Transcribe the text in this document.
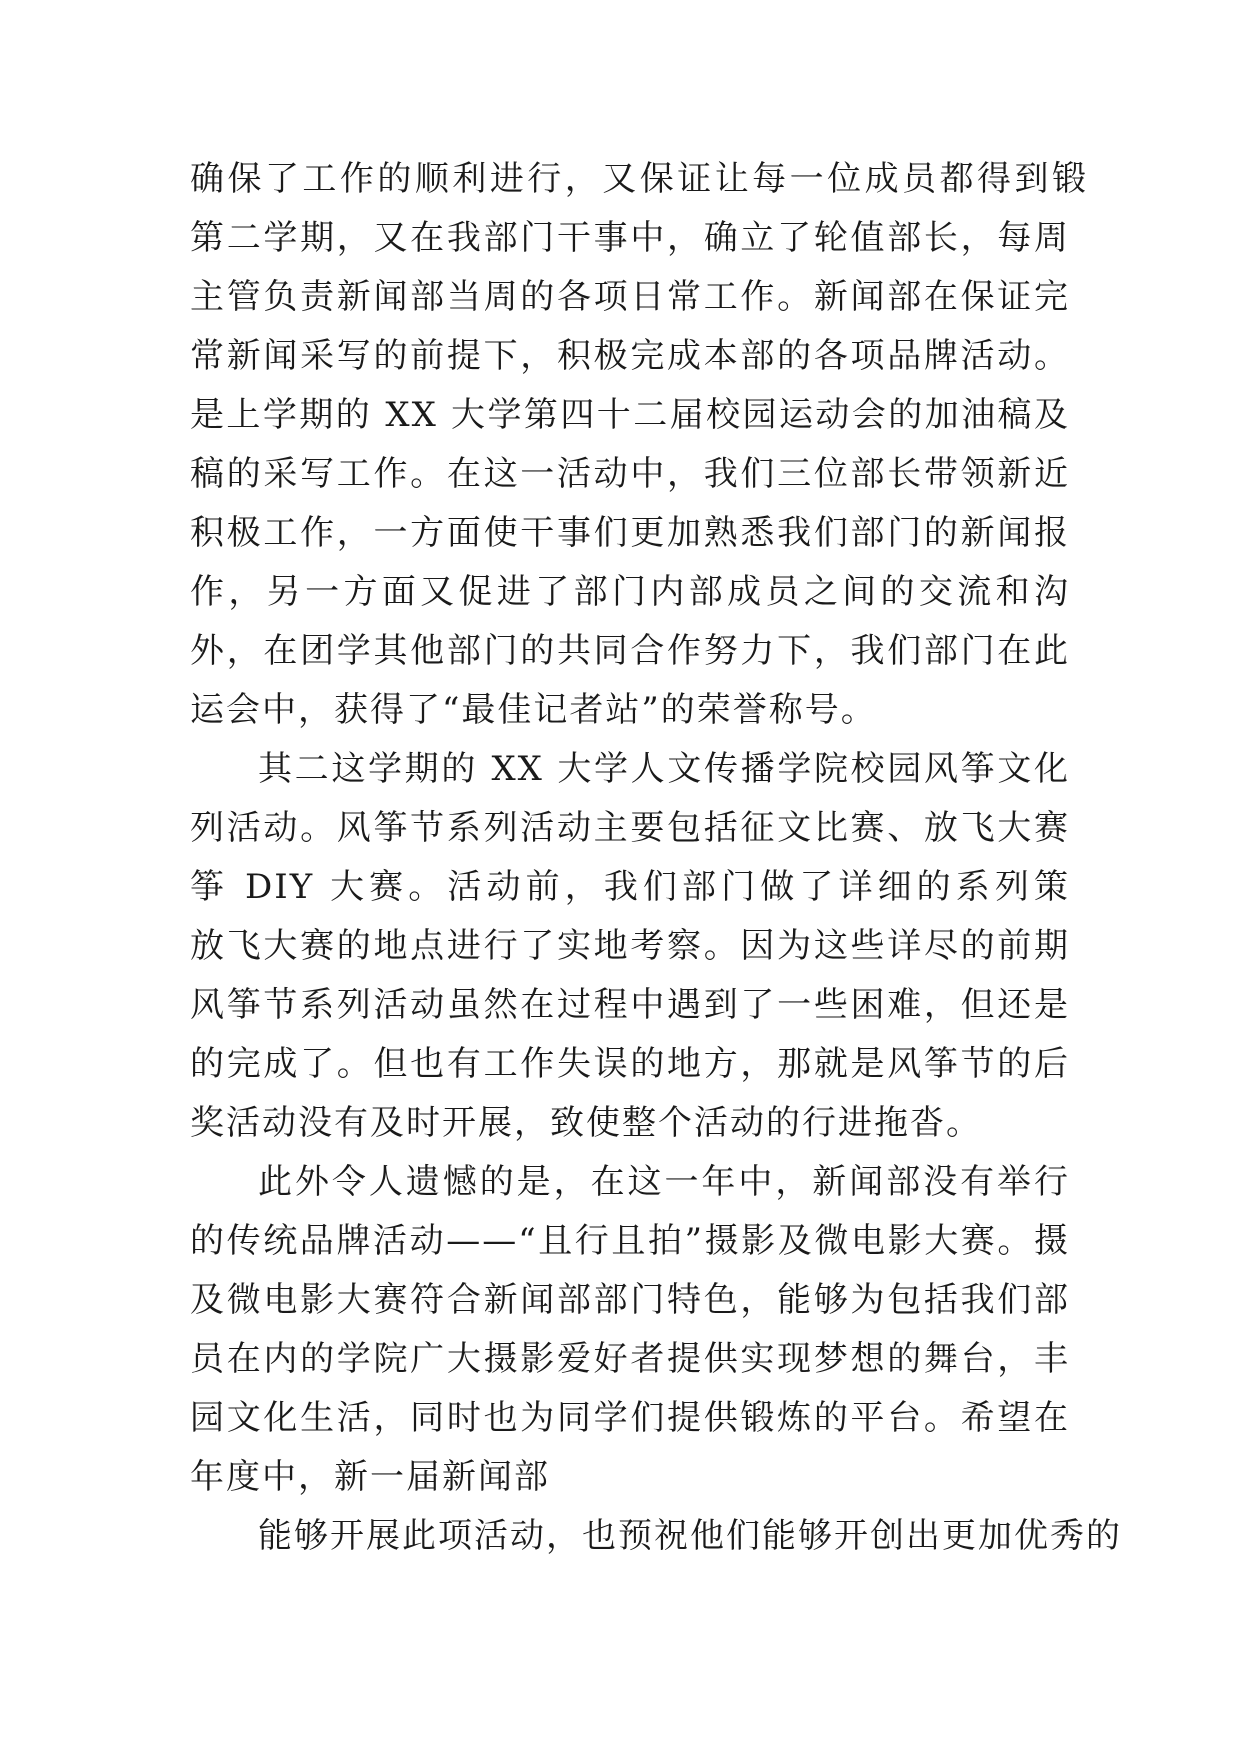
确保了工作的顺利进行，又保证让每一位成员都得到锻
第二学期，又在我部门干事中，确立了轮值部长，每周
主管负责新闻部当周的各项日常工作。新闻部在保证完
常新闻采写的前提下，积极完成本部的各项品牌活动。
是上学期的 XX 大学第四十二届校园运动会的加油稿及
稿的采写工作。在这一活动中，我们三位部长带领新近
积极工作，一方面使干事们更加熟悉我们部门的新闻报
作，另一方面又促进了部门内部成员之间的交流和沟
外，在团学其他部门的共同合作努力下，我们部门在此
运会中，获得了“最佳记者站”的荣誉称号。
其二这学期的 XX 大学人文传播学院校园风筝文化
列活动。风筝节系列活动主要包括征文比赛、放飞大赛
筝 DIY 大赛。活动前，我们部门做了详细的系列策
放飞大赛的地点进行了实地考察。因为这些详尽的前期
风筝节系列活动虽然在过程中遇到了一些困难，但还是
的完成了。但也有工作失误的地方，那就是风筝节的后
奖活动没有及时开展，致使整个活动的行进拖沓。
此外令人遗憾的是，在这一年中，新闻部没有举行
的传统品牌活动——“且行且拍”摄影及微电影大赛。摄
及微电影大赛符合新闻部部门特色，能够为包括我们部
员在内的学院广大摄影爱好者提供实现梦想的舞台，丰
园文化生活，同时也为同学们提供锻炼的平台。希望在
年度中，新一届新闻部
能够开展此项活动，也预祝他们能够开创出更加优秀的
